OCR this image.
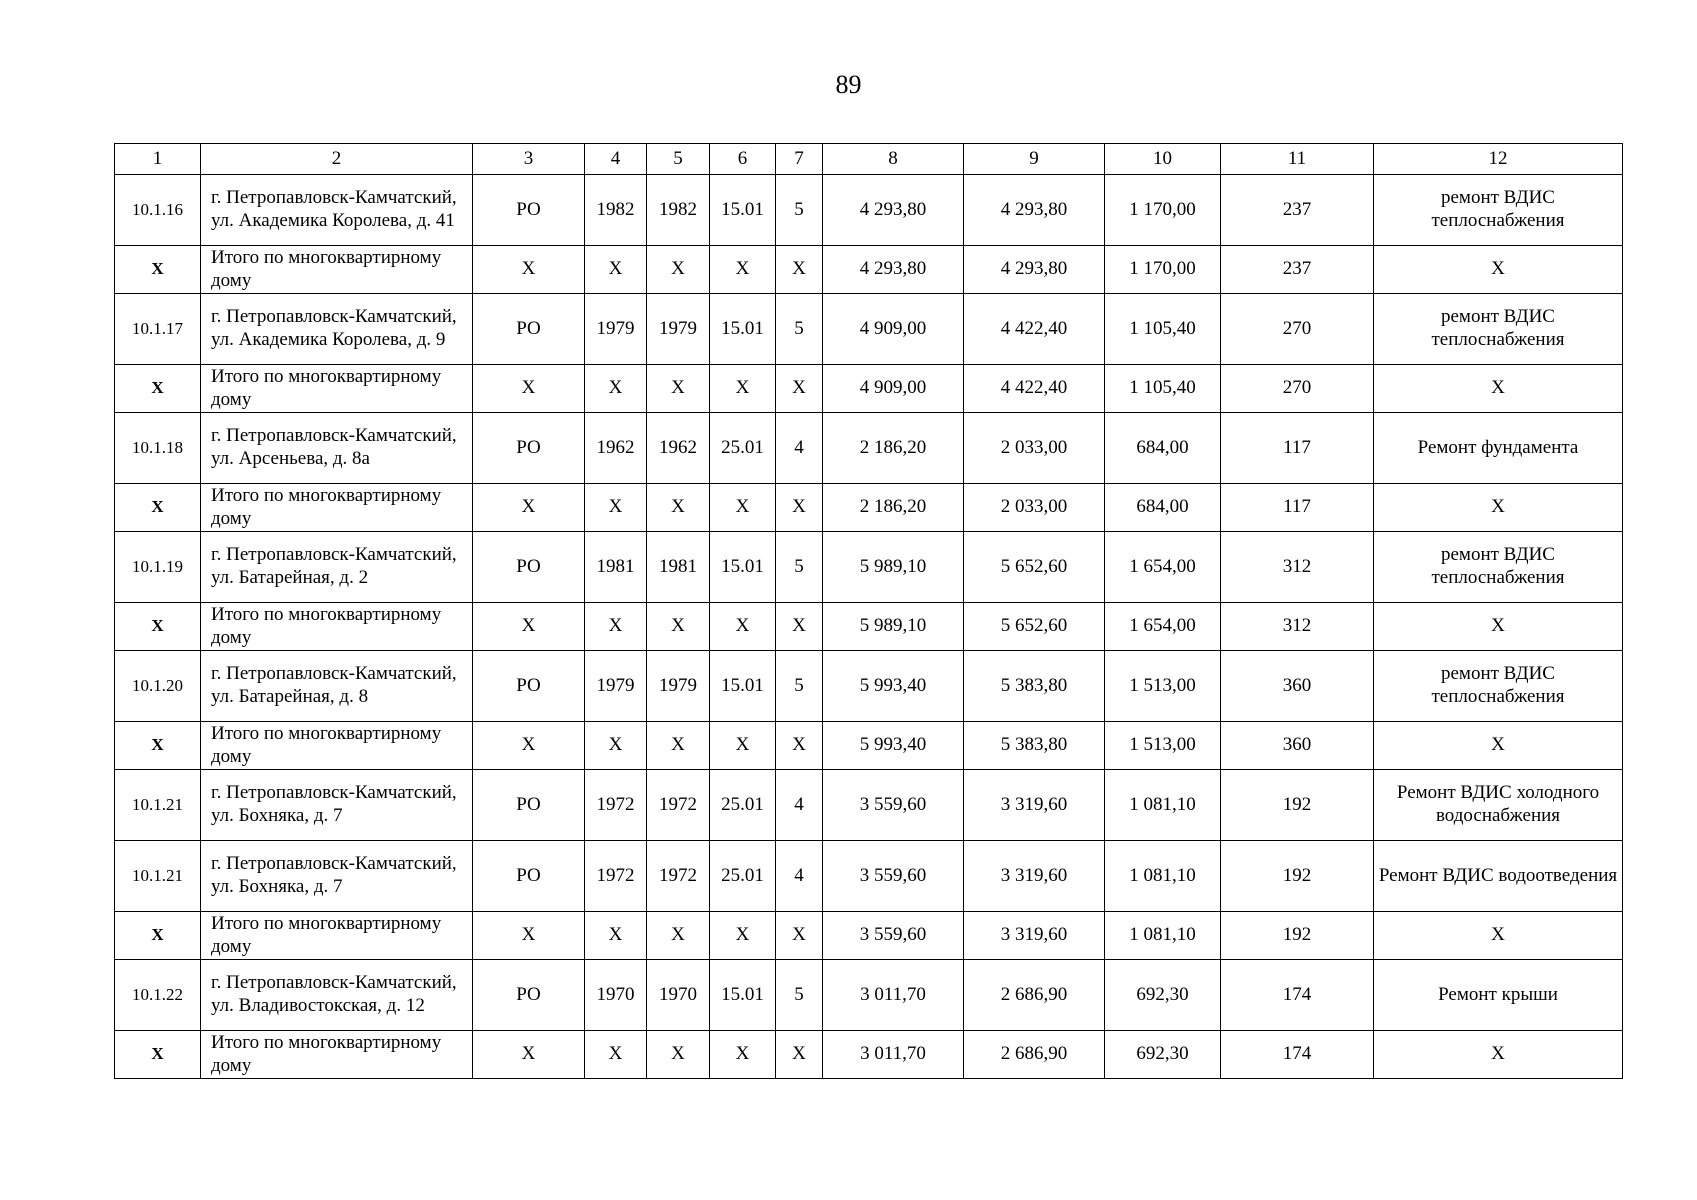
89
1	2	3	4	5	6	7	8	9	10	11	12
10.1.16	г. Петропавловск-Камчатский, ул. Академика Королева, д. 41	РО	1982	1982	15.01	5	4 293,80	4 293,80	1 170,00	237	ремонт ВДИС теплоснабжения
X	Итого по многоквартирному дому	X	X	X	X	X	4 293,80	4 293,80	1 170,00	237	X
10.1.17	г. Петропавловск-Камчатский, ул. Академика Королева, д. 9	РО	1979	1979	15.01	5	4 909,00	4 422,40	1 105,40	270	ремонт ВДИС теплоснабжения
X	Итого по многоквартирному дому	X	X	X	X	X	4 909,00	4 422,40	1 105,40	270	X
10.1.18	г. Петропавловск-Камчатский, ул. Арсеньева, д. 8а	РО	1962	1962	25.01	4	2 186,20	2 033,00	684,00	117	Ремонт фундамента
X	Итого по многоквартирному дому	X	X	X	X	X	2 186,20	2 033,00	684,00	117	X
10.1.19	г. Петропавловск-Камчатский, ул. Батарейная, д. 2	РО	1981	1981	15.01	5	5 989,10	5 652,60	1 654,00	312	ремонт ВДИС теплоснабжения
X	Итого по многоквартирному дому	X	X	X	X	X	5 989,10	5 652,60	1 654,00	312	X
10.1.20	г. Петропавловск-Камчатский, ул. Батарейная, д. 8	РО	1979	1979	15.01	5	5 993,40	5 383,80	1 513,00	360	ремонт ВДИС теплоснабжения
X	Итого по многоквартирному дому	X	X	X	X	X	5 993,40	5 383,80	1 513,00	360	X
10.1.21	г. Петропавловск-Камчатский, ул. Бохняка, д. 7	РО	1972	1972	25.01	4	3 559,60	3 319,60	1 081,10	192	Ремонт ВДИС холодного водоснабжения
10.1.21	г. Петропавловск-Камчатский, ул. Бохняка, д. 7	РО	1972	1972	25.01	4	3 559,60	3 319,60	1 081,10	192	Ремонт ВДИС водоотведения
X	Итого по многоквартирному дому	X	X	X	X	X	3 559,60	3 319,60	1 081,10	192	X
10.1.22	г. Петропавловск-Камчатский, ул. Владивостокская, д. 12	РО	1970	1970	15.01	5	3 011,70	2 686,90	692,30	174	Ремонт крыши
X	Итого по многоквартирному дому	X	X	X	X	X	3 011,70	2 686,90	692,30	174	X
